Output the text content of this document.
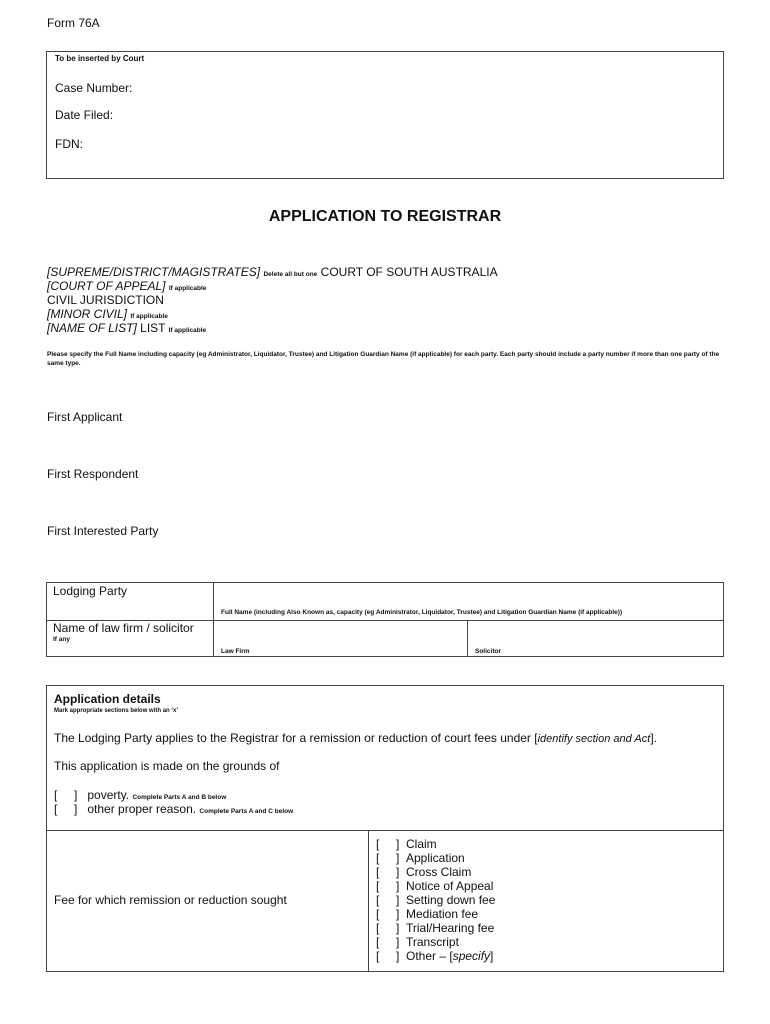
Form 76A
To be inserted by Court
Case Number:
Date Filed:
FDN:
APPLICATION TO REGISTRAR
[SUPREME/DISTRICT/MAGISTRATES] Delete all but one COURT OF SOUTH AUSTRALIA
[COURT OF APPEAL] If applicable
CIVIL JURISDICTION
[MINOR CIVIL] If applicable
[NAME OF LIST] LIST If applicable
Please specify the Full Name including capacity (eg Administrator, Liquidator, Trustee) and Litigation Guardian Name (if applicable) for each party. Each party should include a party number if more than one party of the same type.
First Applicant
First Respondent
First Interested Party
Lodging Party
Full Name (including Also Known as, capacity (eg Administrator, Liquidator, Trustee) and Litigation Guardian Name (if applicable))
Name of law firm / solicitor
If any
Law Firm	Solicitor
Application details
Mark appropriate sections below with an ‘x’
The Lodging Party applies to the Registrar for a remission or reduction of court fees under [identify section and Act].
This application is made on the grounds of
[ ] poverty. Complete Parts A and B below
[ ] other proper reason. Complete Parts A and C below
Fee for which remission or reduction sought
[ ] Claim
[ ] Application
[ ] Cross Claim
[ ] Notice of Appeal
[ ] Setting down fee
[ ] Mediation fee
[ ] Trial/Hearing fee
[ ] Transcript
[ ] Other – [specify]
